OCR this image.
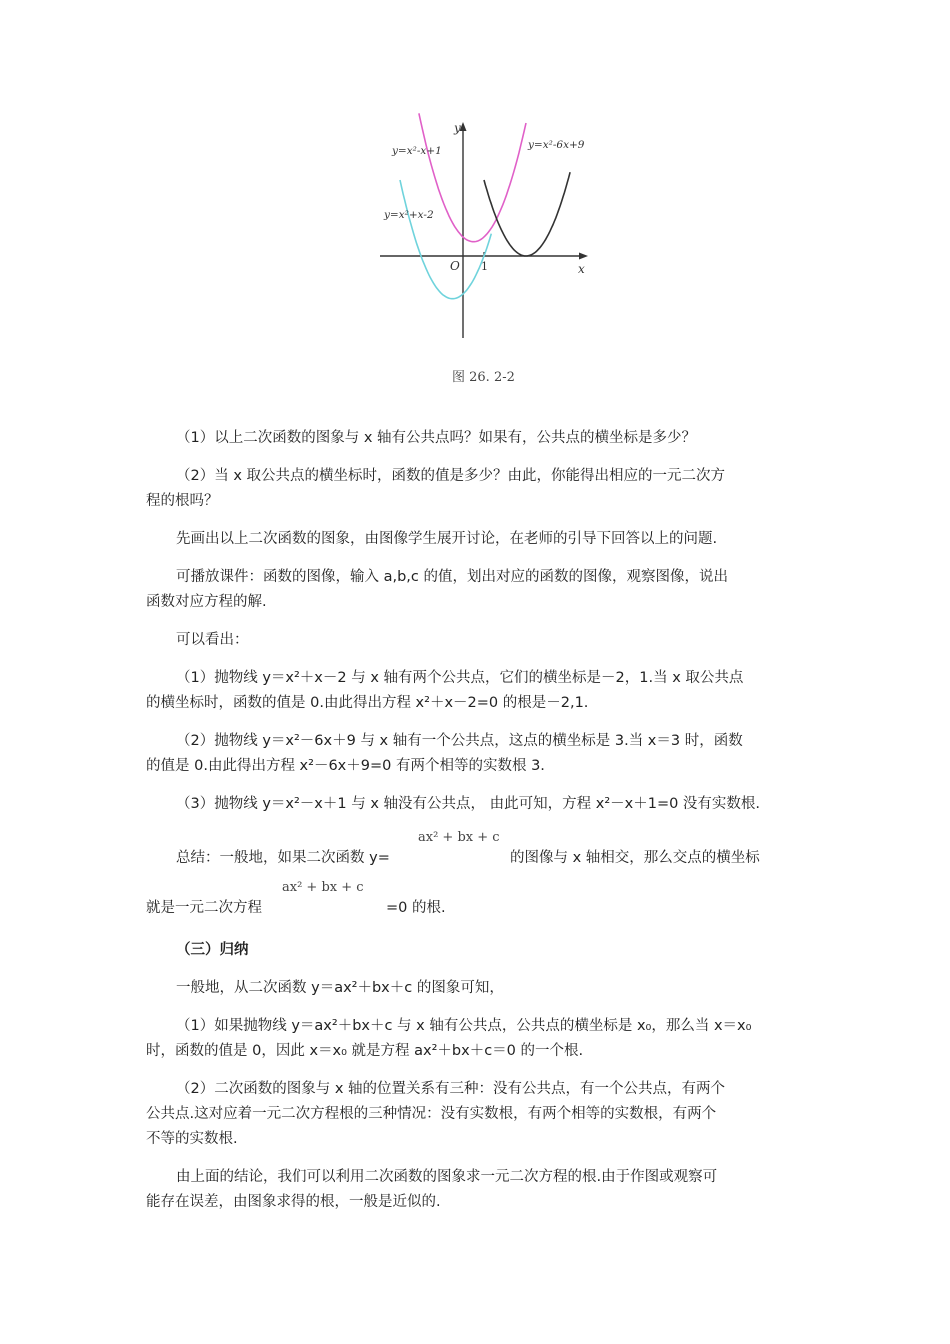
y
x
O 1
y=x²-x+1
y=x²+x-2
y=x²-6x+9
图 26. 2-2
（1）以上二次函数的图象与 x 轴有公共点吗？如果有，公共点的横坐标是多少？
（2）当 x 取公共点的横坐标时，函数的值是多少？由此，你能得出相应的一元二次方
程的根吗？
先画出以上二次函数的图象，由图像学生展开讨论，在老师的引导下回答以上的问题.
可播放课件：函数的图像，输入 a,b,c 的值，划出对应的函数的图像，观察图像，说出
函数对应方程的解.
可以看出：
（1）抛物线 y＝x²＋x－2 与 x 轴有两个公共点，它们的横坐标是－2，1.当 x 取公共点
的横坐标时，函数的值是 0.由此得出方程 x²＋x－2=0 的根是－2,1.
（2）抛物线 y＝x²－6x＋9 与 x 轴有一个公共点，这点的横坐标是 3.当 x＝3 时，函数
的值是 0.由此得出方程 x²－6x＋9=0 有两个相等的实数根 3.
（3）抛物线 y＝x²－x＋1 与 x 轴没有公共点， 由此可知，方程 x²－x＋1=0 没有实数根.
ax² + bx + c
总结：一般地，如果二次函数 y=	的图像与 x 轴相交，那么交点的横坐标
ax² + bx + c
就是一元二次方程	=0 的根.
（三）归纳
一般地，从二次函数 y＝ax²＋bx＋c 的图象可知，
（1）如果抛物线 y＝ax²＋bx＋c 与 x 轴有公共点，公共点的横坐标是 x₀，那么当 x＝x₀
时，函数的值是 0，因此 x＝x₀ 就是方程 ax²＋bx＋c＝0 的一个根.
（2）二次函数的图象与 x 轴的位置关系有三种：没有公共点，有一个公共点，有两个
公共点.这对应着一元二次方程根的三种情况：没有实数根，有两个相等的实数根，有两个
不等的实数根.
由上面的结论，我们可以利用二次函数的图象求一元二次方程的根.由于作图或观察可
能存在误差，由图象求得的根，一般是近似的.
